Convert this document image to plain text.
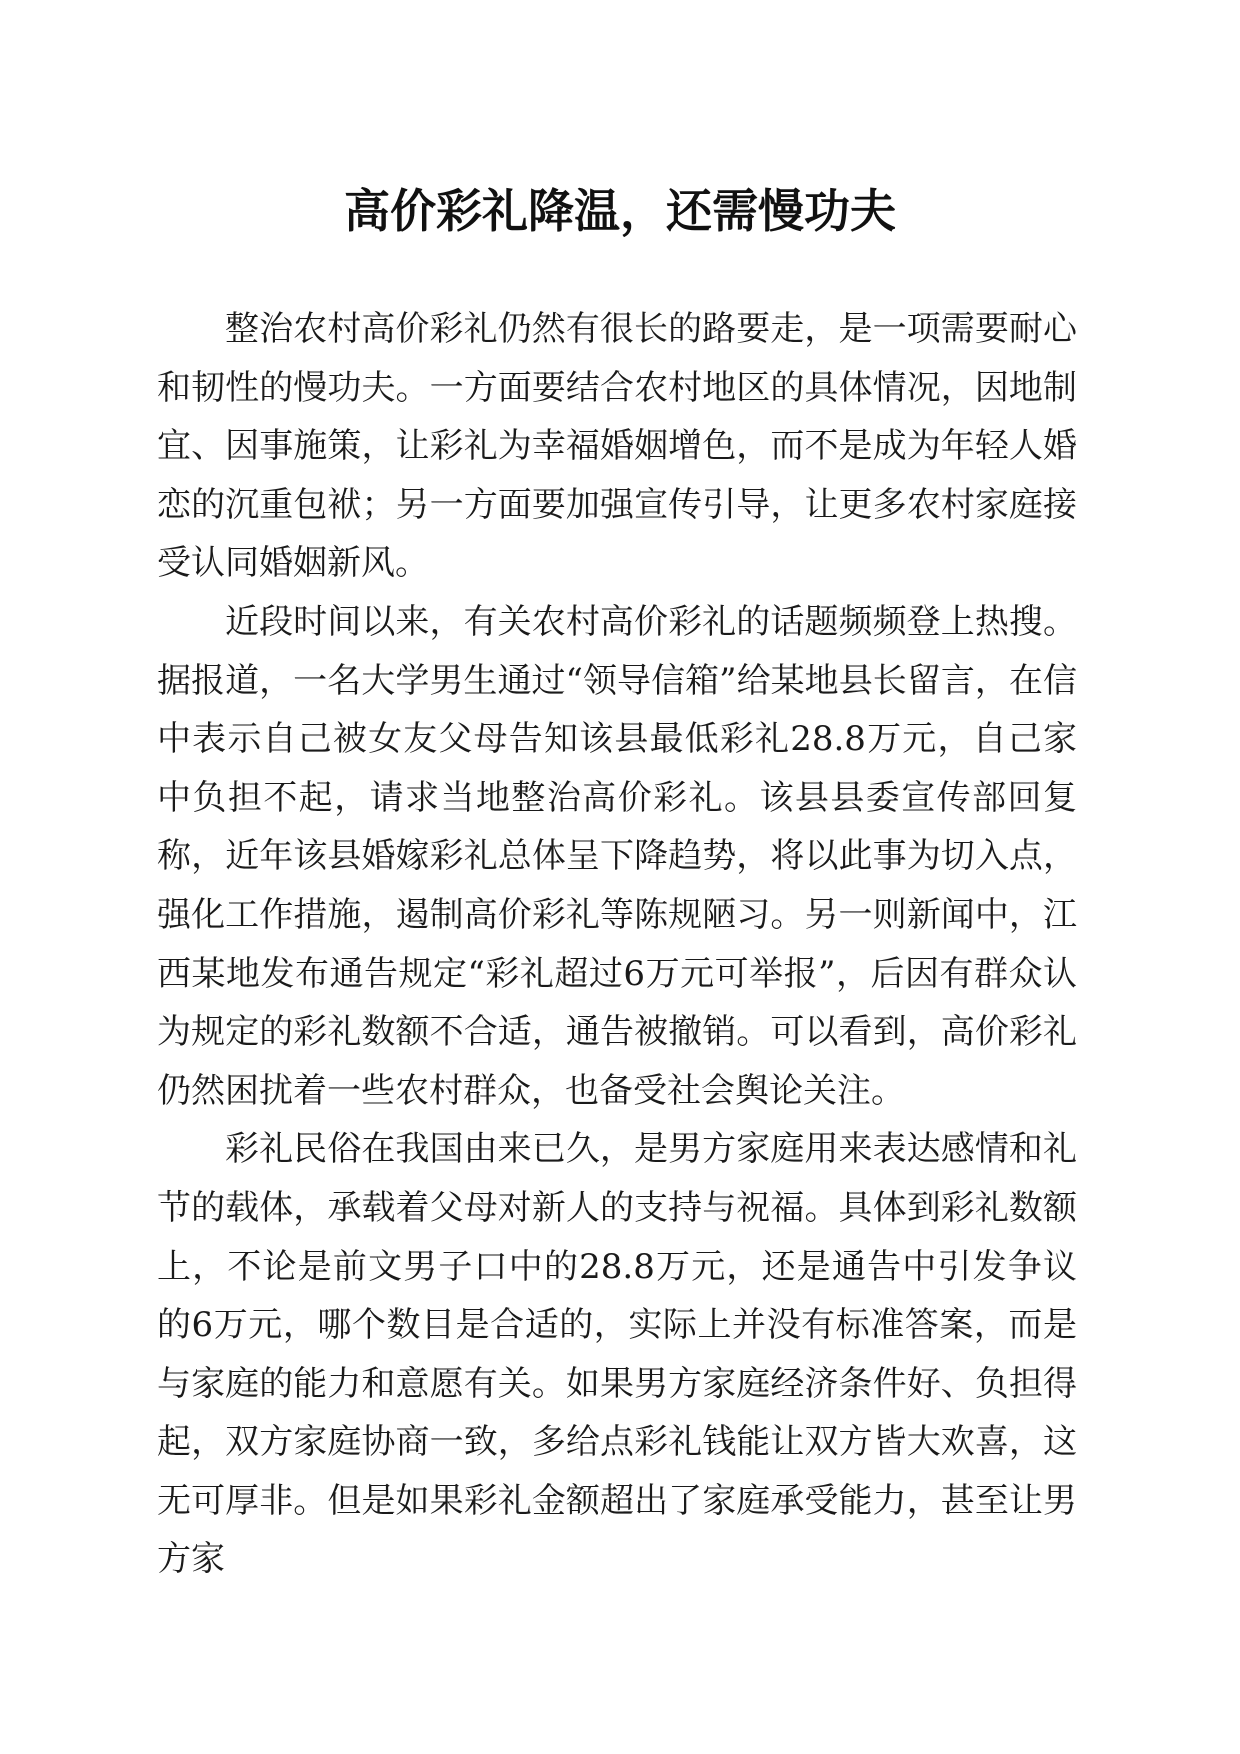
高价彩礼降温，还需慢功夫

整治农村高价彩礼仍然有很长的路要走，是一项需要耐心和韧性的慢功夫。一方面要结合农村地区的具体情况，因地制宜、因事施策，让彩礼为幸福婚姻增色，而不是成为年轻人婚恋的沉重包袱；另一方面要加强宣传引导，让更多农村家庭接受认同婚姻新风。

近段时间以来，有关农村高价彩礼的话题频频登上热搜。据报道，一名大学男生通过“领导信箱”给某地县长留言，在信中表示自己被女友父母告知该县最低彩礼28.8万元，自己家中负担不起，请求当地整治高价彩礼。该县县委宣传部回复称，近年该县婚嫁彩礼总体呈下降趋势，将以此事为切入点，强化工作措施，遏制高价彩礼等陈规陋习。另一则新闻中，江西某地发布通告规定“彩礼超过6万元可举报”，后因有群众认为规定的彩礼数额不合适，通告被撤销。可以看到，高价彩礼仍然困扰着一些农村群众，也备受社会舆论关注。

彩礼民俗在我国由来已久，是男方家庭用来表达感情和礼节的载体，承载着父母对新人的支持与祝福。具体到彩礼数额上，不论是前文男子口中的28.8万元，还是通告中引发争议的6万元，哪个数目是合适的，实际上并没有标准答案，而是与家庭的能力和意愿有关。如果男方家庭经济条件好、负担得起，双方家庭协商一致，多给点彩礼钱能让双方皆大欢喜，这无可厚非。但是如果彩礼金额超出了家庭承受能力，甚至让男方家
